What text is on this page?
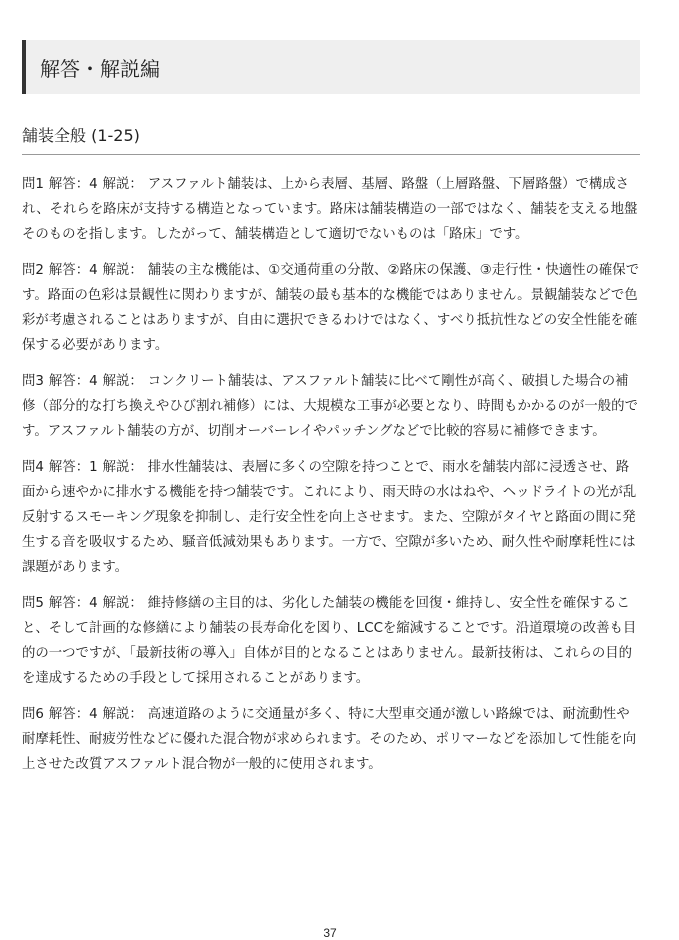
解答・解説編
舗装全般 (1-25)

問1 解答：4 解説： アスファルト舗装は、上から表層、基層、路盤（上層路盤、下層路盤）で構成され、それらを路床が支持する構造となっています。路床は舗装構造の一部ではなく、舗装を支える地盤そのものを指します。したがって、舗装構造として適切でないものは「路床」です。

問2 解答：4 解説： 舗装の主な機能は、①交通荷重の分散、②路床の保護、③走行性・快適性の確保です。路面の色彩は景観性に関わりますが、舗装の最も基本的な機能ではありません。景観舗装などで色彩が考慮されることはありますが、自由に選択できるわけではなく、すべり抵抗性などの安全性能を確保する必要があります。

問3 解答：4 解説： コンクリート舗装は、アスファルト舗装に比べて剛性が高く、破損した場合の補修（部分的な打ち換えやひび割れ補修）には、大規模な工事が必要となり、時間もかかるのが一般的です。アスファルト舗装の方が、切削オーバーレイやパッチングなどで比較的容易に補修できます。

問4 解答：1 解説： 排水性舗装は、表層に多くの空隙を持つことで、雨水を舗装内部に浸透させ、路面から速やかに排水する機能を持つ舗装です。これにより、雨天時の水はねや、ヘッドライトの光が乱反射するスモーキング現象を抑制し、走行安全性を向上させます。また、空隙がタイヤと路面の間に発生する音を吸収するため、騒音低減効果もあります。一方で、空隙が多いため、耐久性や耐摩耗性には課題があります。

問5 解答：4 解説： 維持修繕の主目的は、劣化した舗装の機能を回復・維持し、安全性を確保すること、そして計画的な修繕により舗装の長寿命化を図り、LCCを縮減することです。沿道環境の改善も目的の一つですが、「最新技術の導入」自体が目的となることはありません。最新技術は、これらの目的を達成するための手段として採用されることがあります。

問6 解答：4 解説： 高速道路のように交通量が多く、特に大型車交通が激しい路線では、耐流動性や耐摩耗性、耐疲労性などに優れた混合物が求められます。そのため、ポリマーなどを添加して性能を向上させた改質アスファルト混合物が一般的に使用されます。

37
